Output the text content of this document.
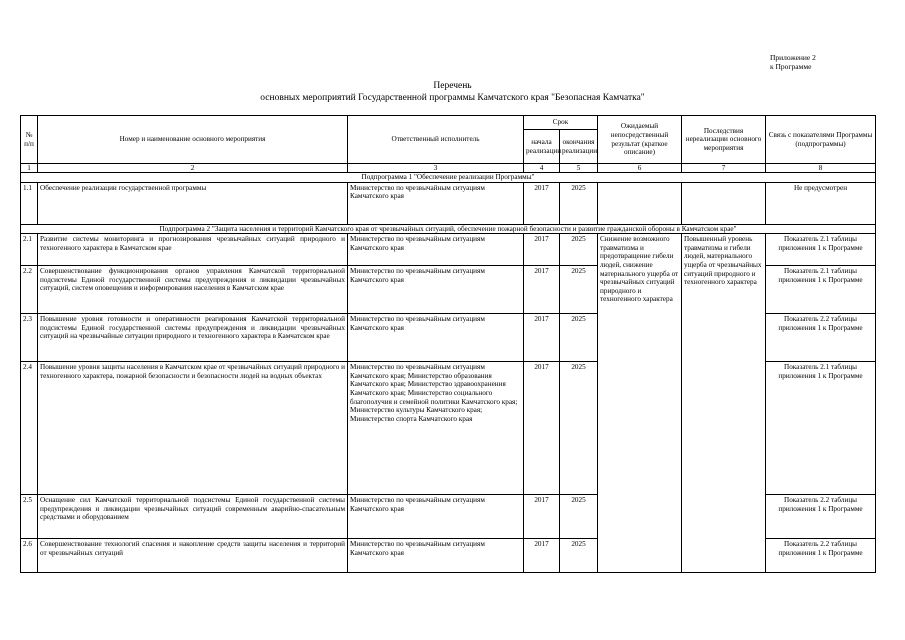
Приложение 2
к Программе
Перечень
основных мероприятий Государственной программы Камчатского края "Безопасная Камчатка"
№ п/п	Номер и наименование основного мероприятия	Ответственный исполнитель	Срок		Ожидаемый непосредственный результат (краткое описание)	Последствия нереализации основного мероприятия	Связь с показателями Программы (подпрограммы)
			начала реализации	окончания реализации			
1	2	3	4	5	6	7	8
Подпрограмма 1 "Обеспечение реализации Программы"							
1.1	Обеспечение реализации государственной программы	Министерство по чрезвычайным ситуациям Камчатского края	2017	2025			Не предусмотрен
Подпрограмма 2 "Защита населения и территорий Камчатского края от чрезвычайных ситуаций, обеспечение пожарной безопасности и развитие гражданской обороны в Камчатском крае"							
2.1	Развитие системы мониторинга и прогнозирования чрезвычайных ситуаций природного и техногенного характера в Камчатском крае	Министерство по чрезвычайным ситуациям Камчатского края	2017	2025	Снижение возможного травматизма и предотвращение гибели людей, снижение материального ущерба от чрезвычайных ситуаций природного и техногенного характера	Повышенный уровень травматизма и гибели людей, материального ущерба от чрезвычайных ситуаций природного и техногенного характера	Показатель 2.1 таблицы приложения 1 к Программе
2.2	Совершенствование функционирования органов управления Камчатской территориальной подсистемы Единой государственной системы предупреждения и ликвидации чрезвычайных ситуаций, систем оповещения и информирования населения в Камчатском крае	Министерство по чрезвычайным ситуациям Камчатского края	2017	2025			Показатель 2.1 таблицы приложения 1 к Программе
2.3	Повышение уровня готовности и оперативности реагирования Камчатской территориальной подсистемы Единой государственной системы предупреждения и ликвидации чрезвычайных ситуаций на чрезвычайные ситуации природного и техногенного характера в Камчатском крае	Министерство по чрезвычайным ситуациям Камчатского края	2017	2025			Показатель 2.2 таблицы приложения 1 к Программе
2.4	Повышение уровня защиты населения в Камчатском крае от чрезвычайных ситуаций природного и техногенного характера, пожарной безопасности и безопасности людей на водных объектах	Министерство по чрезвычайным ситуациям Камчатского края; Министерство образования Камчатского края; Министерство здравоохранения Камчатского края; Министерство социального благополучия и семейной политики Камчатского края; Министерство культуры Камчатского края; Министерство спорта Камчатского края	2017	2025			Показатель 2.1 таблицы приложения 1 к Программе
2.5	Оснащение сил Камчатской территориальной подсистемы Единой государственной системы предупреждения и ликвидации чрезвычайных ситуаций современным аварийно-спасательным средствами и оборудованием	Министерство по чрезвычайным ситуациям Камчатского края	2017	2025			Показатель 2.2 таблицы приложения 1 к Программе
2.6	Совершенствование технологий спасения и накопление средств защиты населения и территорий от чрезвычайных ситуаций	Министерство по чрезвычайным ситуациям Камчатского края	2017	2025			Показатель 2.2 таблицы приложения 1 к Программе
